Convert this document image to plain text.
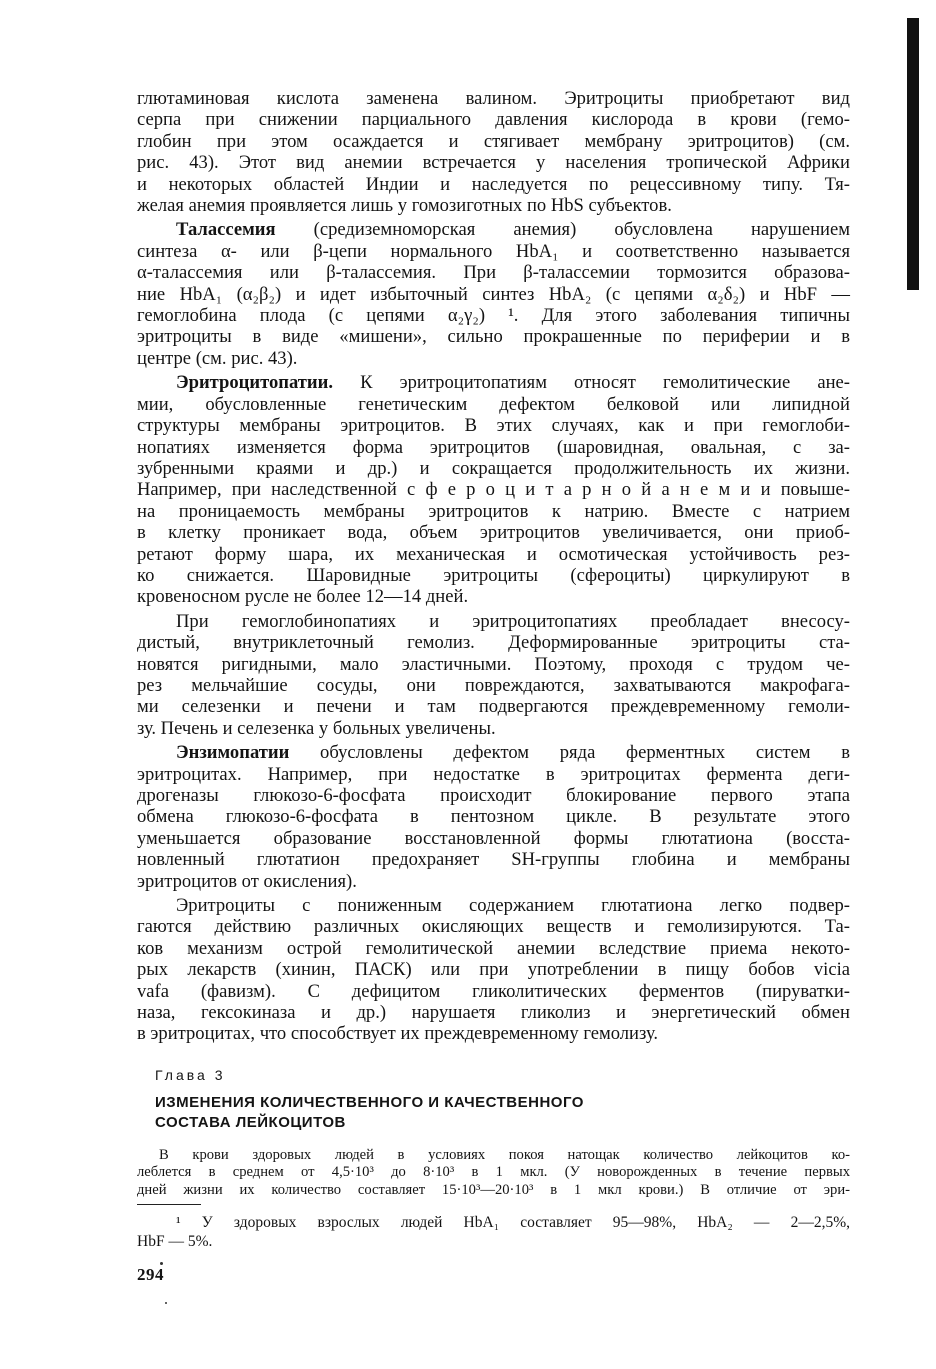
глютаминовая кислота заменена валином. Эритроциты приобретают вид
серпа при снижении парциального давления кислорода в крови (гемо-
глобин при этом осаждается и стягивает мембрану эритроцитов) (см.
рис. 43). Этот вид анемии встречается у населения тропической Африки
и некоторых областей Индии и наследуется по рецессивному типу. Тя-
желая анемия проявляется лишь у гомозиготных по HbS субъектов.
Талассемия (средиземноморская анемия) обусловлена нарушением
синтеза α- или β-цепи нормального HbA₁ и соответственно называется
α-талассемия или β-талассемия. При β-талассемии тормозится образова-
ние HbA₁ (α₂β₂) и идет избыточный синтез HbA₂ (с цепями α₂δ₂) и HbF —
гемоглобина плода (с цепями α₂γ₂) ¹. Для этого заболевания типичны
эритроциты в виде «мишени», сильно прокрашенные по периферии и в
центре (см. рис. 43).
Эритроцитопатии. К эритроцитопатиям относят гемолитические ане-
мии, обусловленные генетическим дефектом белковой или липидной
структуры мембраны эритроцитов. В этих случаях, как и при гемоглоби-
нопатиях изменяется форма эритроцитов (шаровидная, овальная, с за-
зубренными краями и др.) и сокращается продолжительность их жизни.
Например, при наследственной с ф е р о ц и т а р н о й а н е м и и повыше-
на проницаемость мембраны эритроцитов к натрию. Вместе с натрием
в клетку проникает вода, объем эритроцитов увеличивается, они приоб-
ретают форму шара, их механическая и осмотическая устойчивость рез-
ко снижается. Шаровидные эритроциты (сфероциты) циркулируют в
кровеносном русле не более 12—14 дней.
При гемоглобинопатиях и эритроцитопатиях преобладает внесосу-
дистый, внутриклеточный гемолиз. Деформированные эритроциты ста-
новятся ригидными, мало эластичными. Поэтому, проходя с трудом че-
рез мельчайшие сосуды, они повреждаются, захватываются макрофага-
ми селезенки и печени и там подвергаются преждевременному гемоли-
зу. Печень и селезенка у больных увеличены.
Энзимопатии обусловлены дефектом ряда ферментных систем в
эритроцитах. Например, при недостатке в эритроцитах фермента деги-
дрогеназы глюкозо-6-фосфата происходит блокирование первого этапа
обмена глюкозо-6-фосфата в пентозном цикле. В результате этого
уменьшается образование восстановленной формы глютатиона (восста-
новленный глютатион предохраняет SH-группы глобина и мембраны
эритроцитов от окисления).
Эритроциты с пониженным содержанием глютатиона легко подвер-
гаются действию различных окисляющих веществ и гемолизируются. Та-
ков механизм острой гемолитической анемии вследствие приема некото-
рых лекарств (хинин, ПАСК) или при употреблении в пищу бобов vicia
vafa (фавизм). С дефицитом гликолитических ферментов (пируватки-
наза, гексокиназа и др.) нарушаетя гликолиз и энергетический обмен
в эритроцитах, что способствует их преждевременному гемолизу.
Глава 3
ИЗМЕНЕНИЯ КОЛИЧЕСТВЕННОГО И КАЧЕСТВЕННОГО
СОСТАВА ЛЕЙКОЦИТОВ
В крови здоровых людей в условиях покоя натощак количество лейкоцитов ко-
леблется в среднем от 4,5·10³ до 8·10³ в 1 мкл. (У новорожденных в течение первых
дней жизни их количество составляет 15·10³—20·10³ в 1 мкл крови.) В отличие от эри-
¹ У здоровых взрослых людей HbA₁ составляет 95—98%, HbA₂ — 2—2,5%,
HbF — 5%.
294
